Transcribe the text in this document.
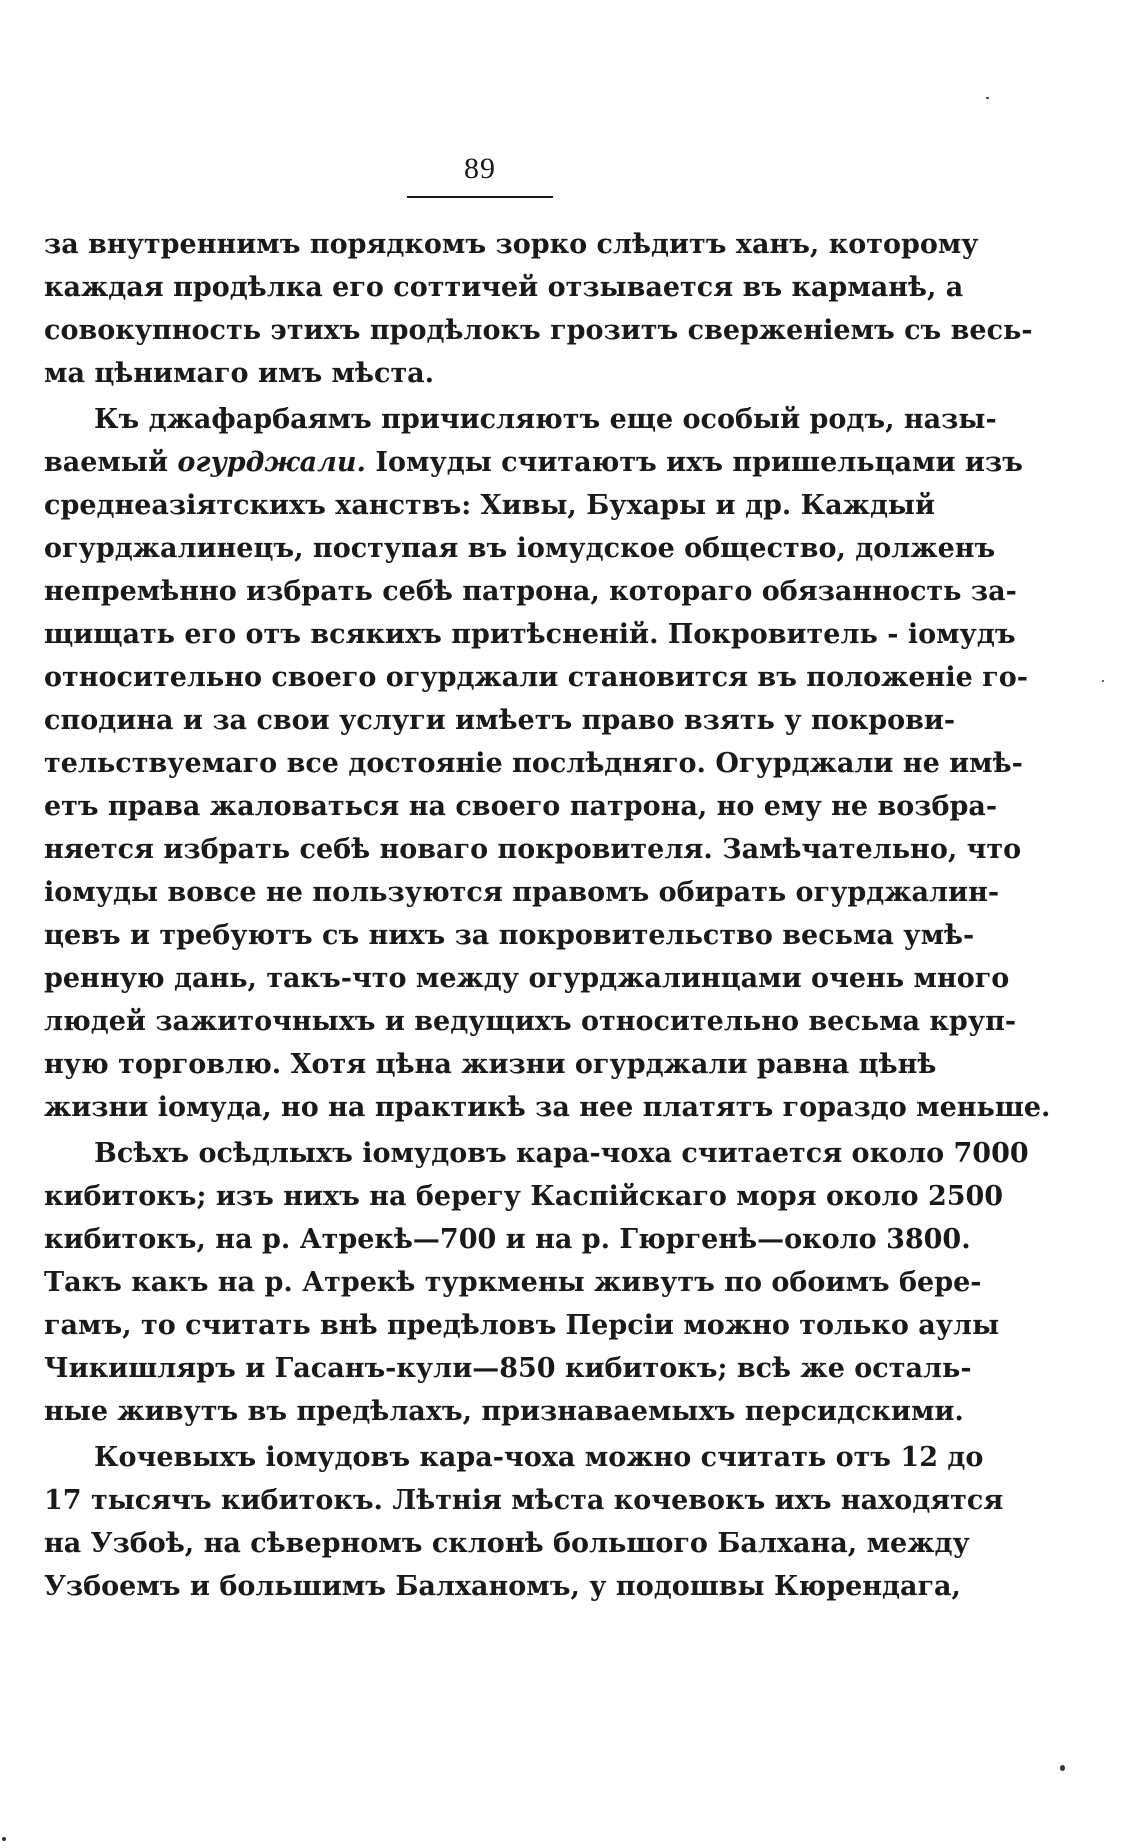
89
за внутреннимъ порядкомъ зорко слѣдитъ ханъ, которому
каждая продѣлка его соттичей отзывается въ карманѣ, а
совокупность этихъ продѣлокъ грозитъ сверженіемъ съ весь-
ма цѣнимаго имъ мѣста.
Къ джафарбаямъ причисляютъ еще особый родъ, назы-
ваемый огурджали. Іомуды считаютъ ихъ пришельцами изъ
среднеазіятскихъ ханствъ: Хивы, Бухары и др. Каждый
огурджалинецъ, поступая въ іомудское общество, долженъ
непремѣнно избрать себѣ патрона, котораго обязанность за-
щищать его отъ всякихъ притѣсненій. Покровитель - іомудъ
относительно своего огурджали становится въ положеніе го-
сподина и за свои услуги имѣетъ право взять у покрови-
тельствуемаго все достояніе послѣдняго. Огурджали не имѣ-
етъ права жаловаться на своего патрона, но ему не возбра-
няется избрать себѣ новаго покровителя. Замѣчательно, что
іомуды вовсе не пользуются правомъ обирать огурджалин-
цевъ и требуютъ съ нихъ за покровительство весьма умѣ-
ренную дань, такъ-что между огурджалинцами очень много
людей зажиточныхъ и ведущихъ относительно весьма круп-
ную торговлю. Хотя цѣна жизни огурджали равна цѣнѣ
жизни іомуда, но на практикѣ за нее платятъ гораздо меньше.
Всѣхъ осѣдлыхъ іомудовъ кара-чоха считается около 7000
кибитокъ; изъ нихъ на берегу Каспійскаго моря около 2500
кибитокъ, на р. Атрекѣ—700 и на р. Гюргенѣ—около 3800.
Такъ какъ на р. Атрекѣ туркмены живутъ по обоимъ бере-
гамъ, то считать внѣ предѣловъ Персіи можно только аулы
Чикишляръ и Гасанъ-кули—850 кибитокъ; всѣ же осталь-
ные живутъ въ предѣлахъ, признаваемыхъ персидскими.
Кочевыхъ іомудовъ кара-чоха можно считать отъ 12 до
17 тысячъ кибитокъ. Лѣтнія мѣста кочевокъ ихъ находятся
на Узбоѣ, на сѣверномъ склонѣ большого Балхана, между
Узбоемъ и большимъ Балханомъ, у подошвы Кюрендага,
